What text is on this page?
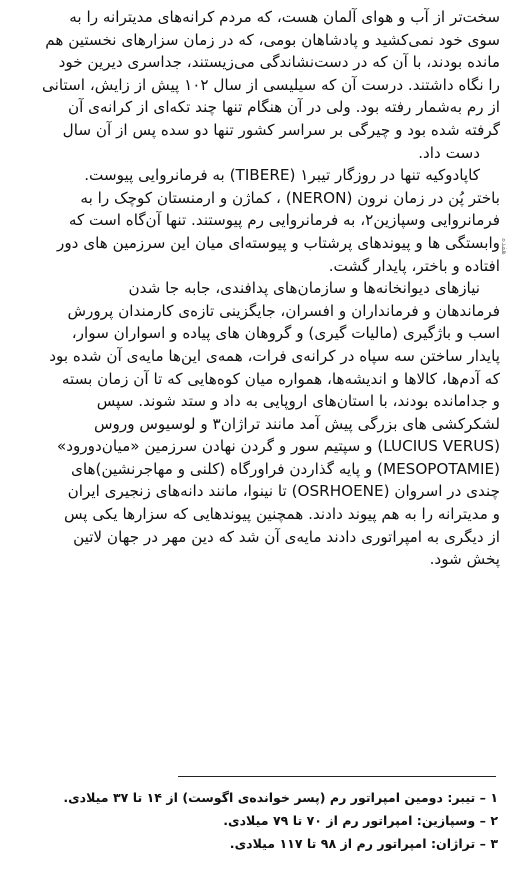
سخت‌تر از آب و هوای آلمان هست، که مردم کرانه‌های مدیترانه را به
سوی خود نمی‌کشید و پادشاهان بومی، که در زمان سزارهای نخستین هم
مانده بودند، با آن که در دست‌نشاندگی می‌زیستند، جداسری دیرین خود
را نگاه داشتند. درست آن که سیلیسی از سال ۱۰۲ پیش از زایش، استانی
از رم به‌شمار رفته بود. ولی در آن هنگام تنها چند تکه‌ای از کرانه‌ی آن
گرفته شده بود و چیرگی بر سراسر کشور تنها دو سده پس از آن سال
دست داد.
کاپادوکیه تنها در روزگار تیبر۱ (TIBERE) به فرمانروایی پیوست.
باختر پُن در زمان نرون (NERON) ، کماژن و ارمنستان کوچک را به
فرمانروایی وسپازین۲، به فرمانروایی رم پیوستند. تنها آن‌گاه است که
وابستگی ها و پیوندهای پرشتاب و پیوسته‌ای میان این سرزمین های دور
افتاده و باختر، پایدار گشت.
نیازهای دیوانخانه‌ها و سازمان‌های پدافندی، جابه جا شدن
فرماندهان و فرمانداران و افسران، جایگزینی تازه‌ی کارمندان پرورش
اسب و باژگیری (مالیات گیری) و گروهان های پیاده و اسواران سوار،
پایدار ساختن سه سپاه در کرانه‌ی فرات، همه‌ی این‌ها مایه‌ی آن شده بود
که آدم‌ها، کالاها و اندیشه‌ها، همواره میان کوه‌هایی که تا آن زمان بسته
و جدامانده بودند، با استان‌های اروپایی به داد و ستد شوند. سپس
لشکرکشی های بزرگی پیش آمد مانند تراژان۳ و لوسیوس وروس
(LUCIUS VERUS) و سپتیم سور و گردن نهادن سرزمین «میان‌دورود»
(MESOPOTAMIE) و پایه گذاردن فراورگاه (کلنی و مهاجرنشین)های
چندی در اسروان (OSRHOENE) تا نینوا، مانند دانه‌های زنجیری ایران
و مدیترانه را به هم پیوند دادند. همچنین پیوندهایی که سزارها یکی پس
از دیگری به امپراتوری دادند مایه‌ی آن شد که دین مهر در جهان لاتین
پخش شود.
هفده
۱ – تیبر: دومین امپراتور رم (پسر خوانده‌ی اگوست) از ۱۴ تا ۳۷ میلادی.
۲ – وسپازین: امپراتور رم از ۷۰ تا ۷۹ میلادی.
۳ – تراژان: امپراتور رم از ۹۸ تا ۱۱۷ میلادی.
